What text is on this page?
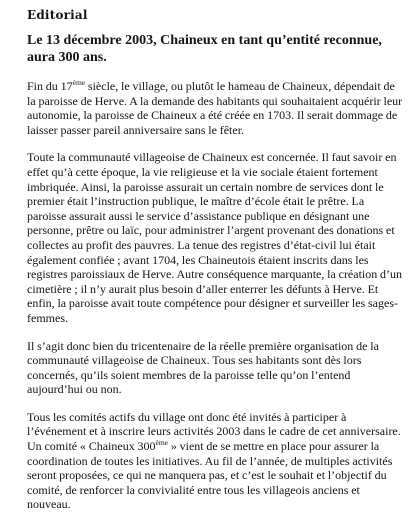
Editorial
Le 13 décembre 2003, Chaineux en tant qu’entité reconnue, aura 300 ans.

Fin du 17ème siècle, le village, ou plutôt le hameau de Chaineux, dépendait de la paroisse de Herve. A la demande des habitants qui souhaitaient acquérir leur autonomie, la paroisse de Chaineux a été créée en 1703. Il serait dommage de laisser passer pareil anniversaire sans le fêter.

Toute la communauté villageoise de Chaineux est concernée. Il faut savoir en effet qu’à cette époque, la vie religieuse et la vie sociale étaient fortement imbriquée. Ainsi, la paroisse assurait un certain nombre de services dont le premier était l’instruction publique, le maître d’école était le prêtre. La paroisse assurait aussi le service d’assistance publique en désignant une personne, prêtre ou laïc, pour administrer l’argent provenant des donations et collectes au profit des pauvres. La tenue des registres d’état-civil lui était également confiée ; avant 1704, les Chaineutois étaient inscrits dans les registres paroissiaux de Herve. Autre conséquence marquante, la création d’un cimetière ; il n’y aurait plus besoin d’aller enterrer les défunts à Herve. Et enfin, la paroisse avait toute compétence pour désigner et surveiller les sages-femmes.

Il s’agit donc bien du tricentenaire de la réelle première organisation de la communauté villageoise de Chaineux. Tous ses habitants sont dès lors concernés, qu’ils soient membres de la paroisse telle qu’on l’entend aujourd’hui ou non.

Tous les comités actifs du village ont donc été invités à participer à l’événement et à inscrire leurs activités 2003 dans le cadre de cet anniversaire. Un comité « Chaineux 300ème » vient de se mettre en place pour assurer la coordination de toutes les initiatives. Au fil de l’année, de multiples activités seront proposées, ce qui ne manquera pas, et c’est le souhait et l’objectif du comité, de renforcer la convivialité entre tous les villageois anciens et nouveau.
